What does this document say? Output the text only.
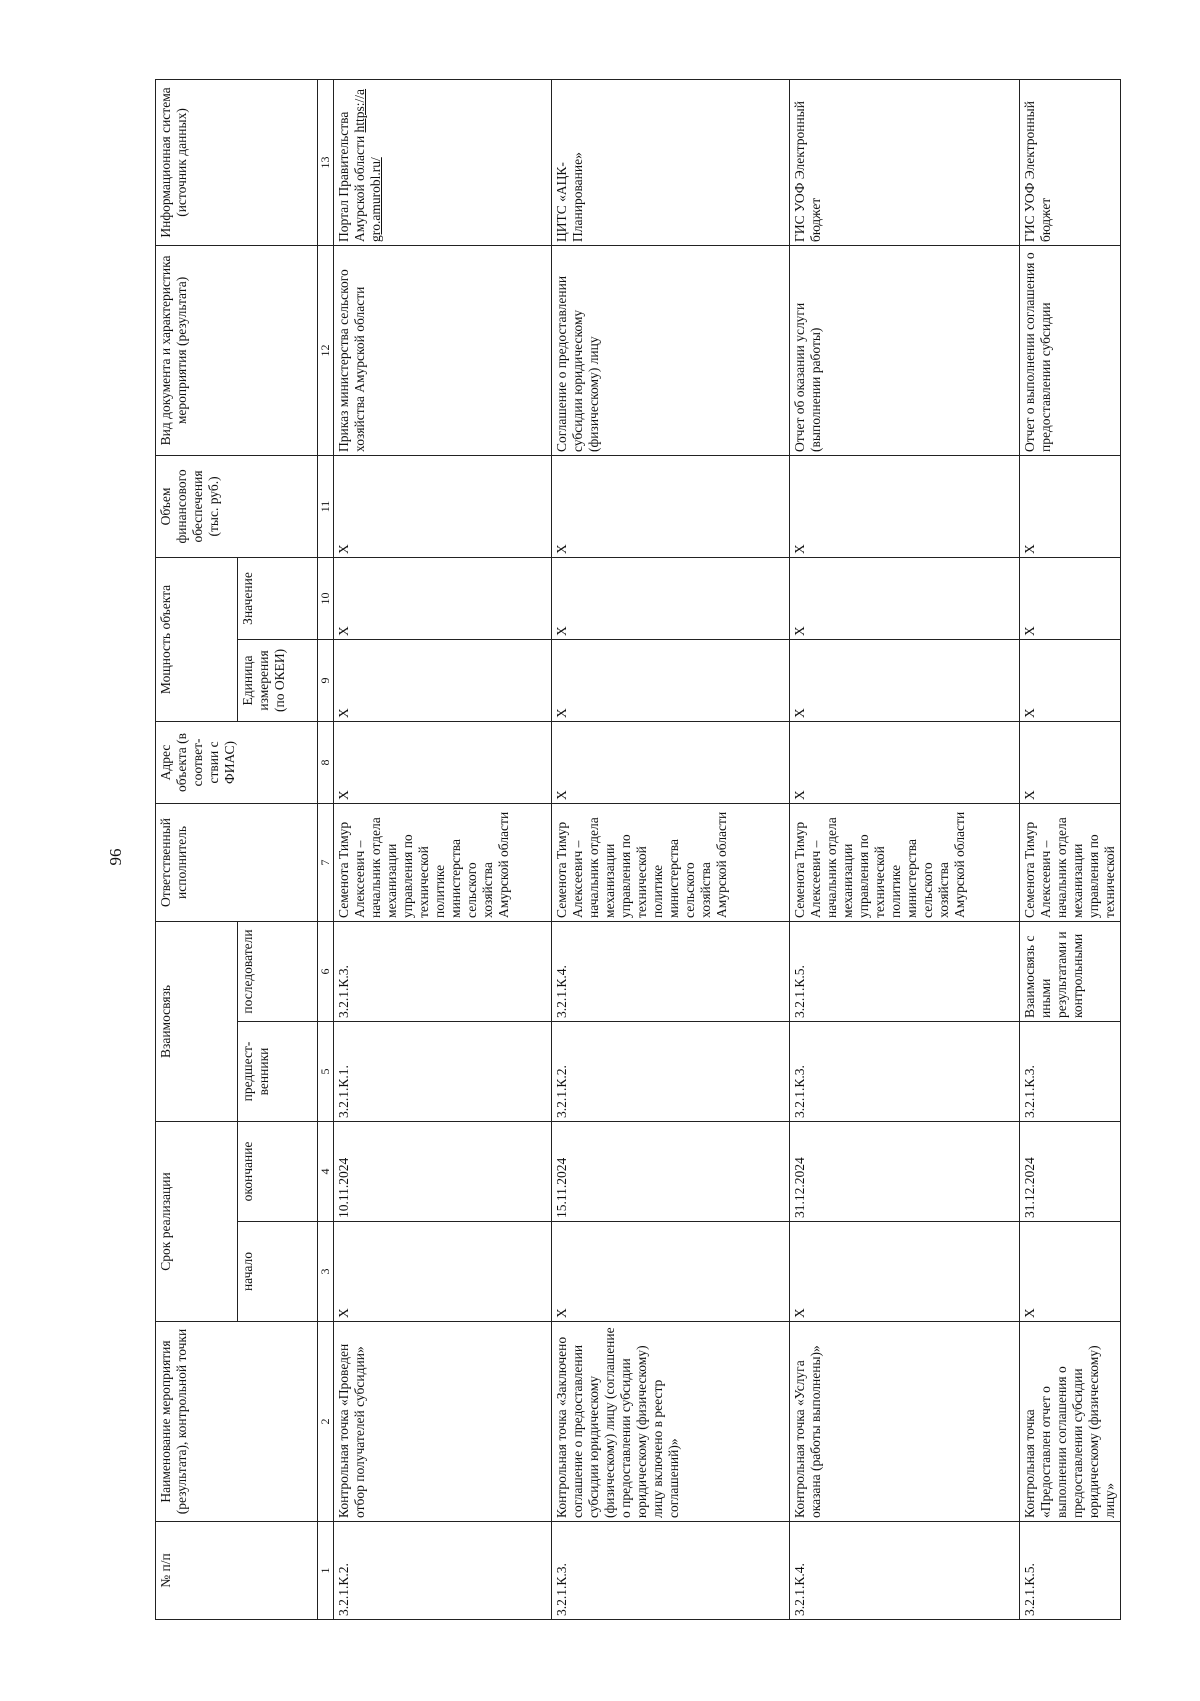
96
№ п/п	Наименование мероприятия (результата), контрольной точки	Срок реализации		Взаимосвязь		Ответственный исполнитель	Адрес объекта (в соответ-ствии с ФИАС)	Мощность объекта		Объем финансового обеспечения (тыс. руб.)	Вид документа и характеристика мероприятия (результата)	Информационная система (источник данных)
		начало	окончание	предшест-венники	последователи			Единица измерения (по ОКЕИ)	Значение			
1	2	3	4	5	6	7	8	9	10	11	12	13
3.2.1.К.2.	Контрольная точка «Проведен отбор получателей субсидии»	X	10.11.2024	3.2.1.К.1.	3.2.1.К.3.	Семенота Тимур Алексеевич – начальник отдела механизации управления по технической политике министерства сельского хозяйства Амурской области	X	X	X	X	Приказ министерства сельского хозяйства Амурской области	Портал Правительства Амурской области https://agro.amurobl.ru/
3.2.1.К.3.	Контрольная точка «Заключено соглашение о предоставлении субсидии юридическому (физическому) лицу (соглашение о предоставлении субсидии юридическому (физическому) лицу включено в реестр соглашений)»	X	15.11.2024	3.2.1.К.2.	3.2.1.К.4.	Семенота Тимур Алексеевич – начальник отдела механизации управления по технической политике министерства сельского хозяйства Амурской области	X	X	X	X	Соглашение о предоставлении субсидии юридическому (физическому) лицу	ЦИТС «АЦК-Планирование»
3.2.1.К.4.	Контрольная точка «Услуга оказана (работы выполнены)»	X	31.12.2024	3.2.1.К.3.	3.2.1.К.5.	Семенота Тимур Алексеевич – начальник отдела механизации управления по технической политике министерства сельского хозяйства Амурской области	X	X	X	X	Отчет об оказании услуги (выполнении работы)	ГИС УОФ Электронный бюджет
3.2.1.К.5.	Контрольная точка «Предоставлен отчет о выполнении соглашения о предоставлении субсидии юридическому (физическому) лицу»	X	31.12.2024	3.2.1.К.3.	Взаимосвязь с иными результатами и контрольными	Семенота Тимур Алексеевич – начальник отдела механизации управления по технической	X	X	X	X	Отчет о выполнении соглашения о предоставлении субсидии	ГИС УОФ Электронный бюджет
